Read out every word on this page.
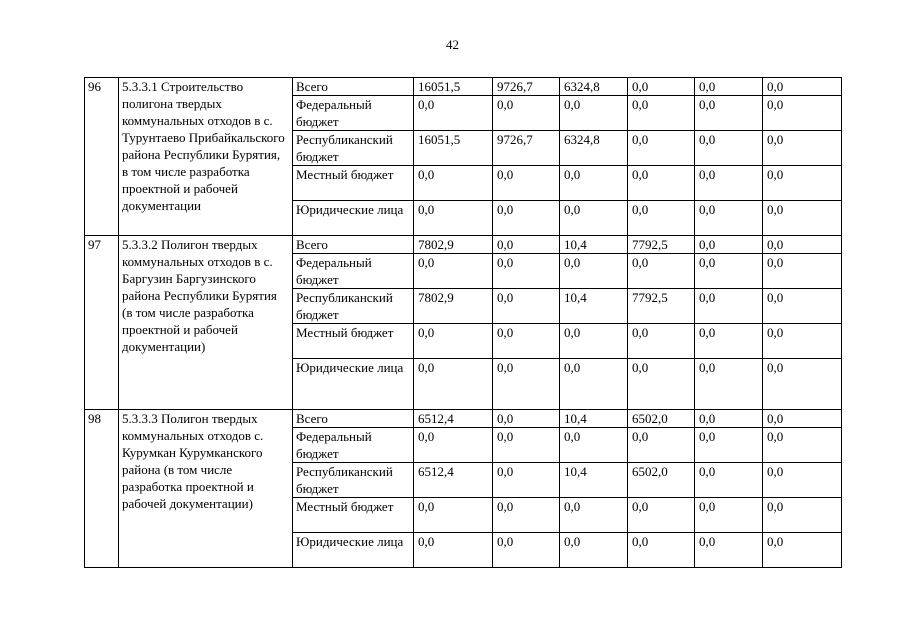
42
96	5.3.3.1 Строительство полигона твердых коммунальных отходов в с. Турунтаево Прибайкальского района Республики Бурятия, в том числе разработка проектной и рабочей документации	Всего	16051,5	9726,7	6324,8	0,0	0,0	0,0
		Федеральный бюджет	0,0	0,0	0,0	0,0	0,0	0,0
		Республиканский бюджет	16051,5	9726,7	6324,8	0,0	0,0	0,0
		Местный бюджет	0,0	0,0	0,0	0,0	0,0	0,0
		Юридические лица	0,0	0,0	0,0	0,0	0,0	0,0
97	5.3.3.2 Полигон твердых коммунальных отходов в с. Баргузин Баргузинского района Республики Бурятия (в том числе разработка проектной и рабочей документации)	Всего	7802,9	0,0	10,4	7792,5	0,0	0,0
		Федеральный бюджет	0,0	0,0	0,0	0,0	0,0	0,0
		Республиканский бюджет	7802,9	0,0	10,4	7792,5	0,0	0,0
		Местный бюджет	0,0	0,0	0,0	0,0	0,0	0,0
		Юридические лица	0,0	0,0	0,0	0,0	0,0	0,0
98	5.3.3.3 Полигон твердых коммунальных отходов с. Курумкан Курумканского района (в том числе разработка проектной и рабочей документации)	Всего	6512,4	0,0	10,4	6502,0	0,0	0,0
		Федеральный бюджет	0,0	0,0	0,0	0,0	0,0	0,0
		Республиканский бюджет	6512,4	0,0	10,4	6502,0	0,0	0,0
		Местный бюджет	0,0	0,0	0,0	0,0	0,0	0,0
		Юридические лица	0,0	0,0	0,0	0,0	0,0	0,0
